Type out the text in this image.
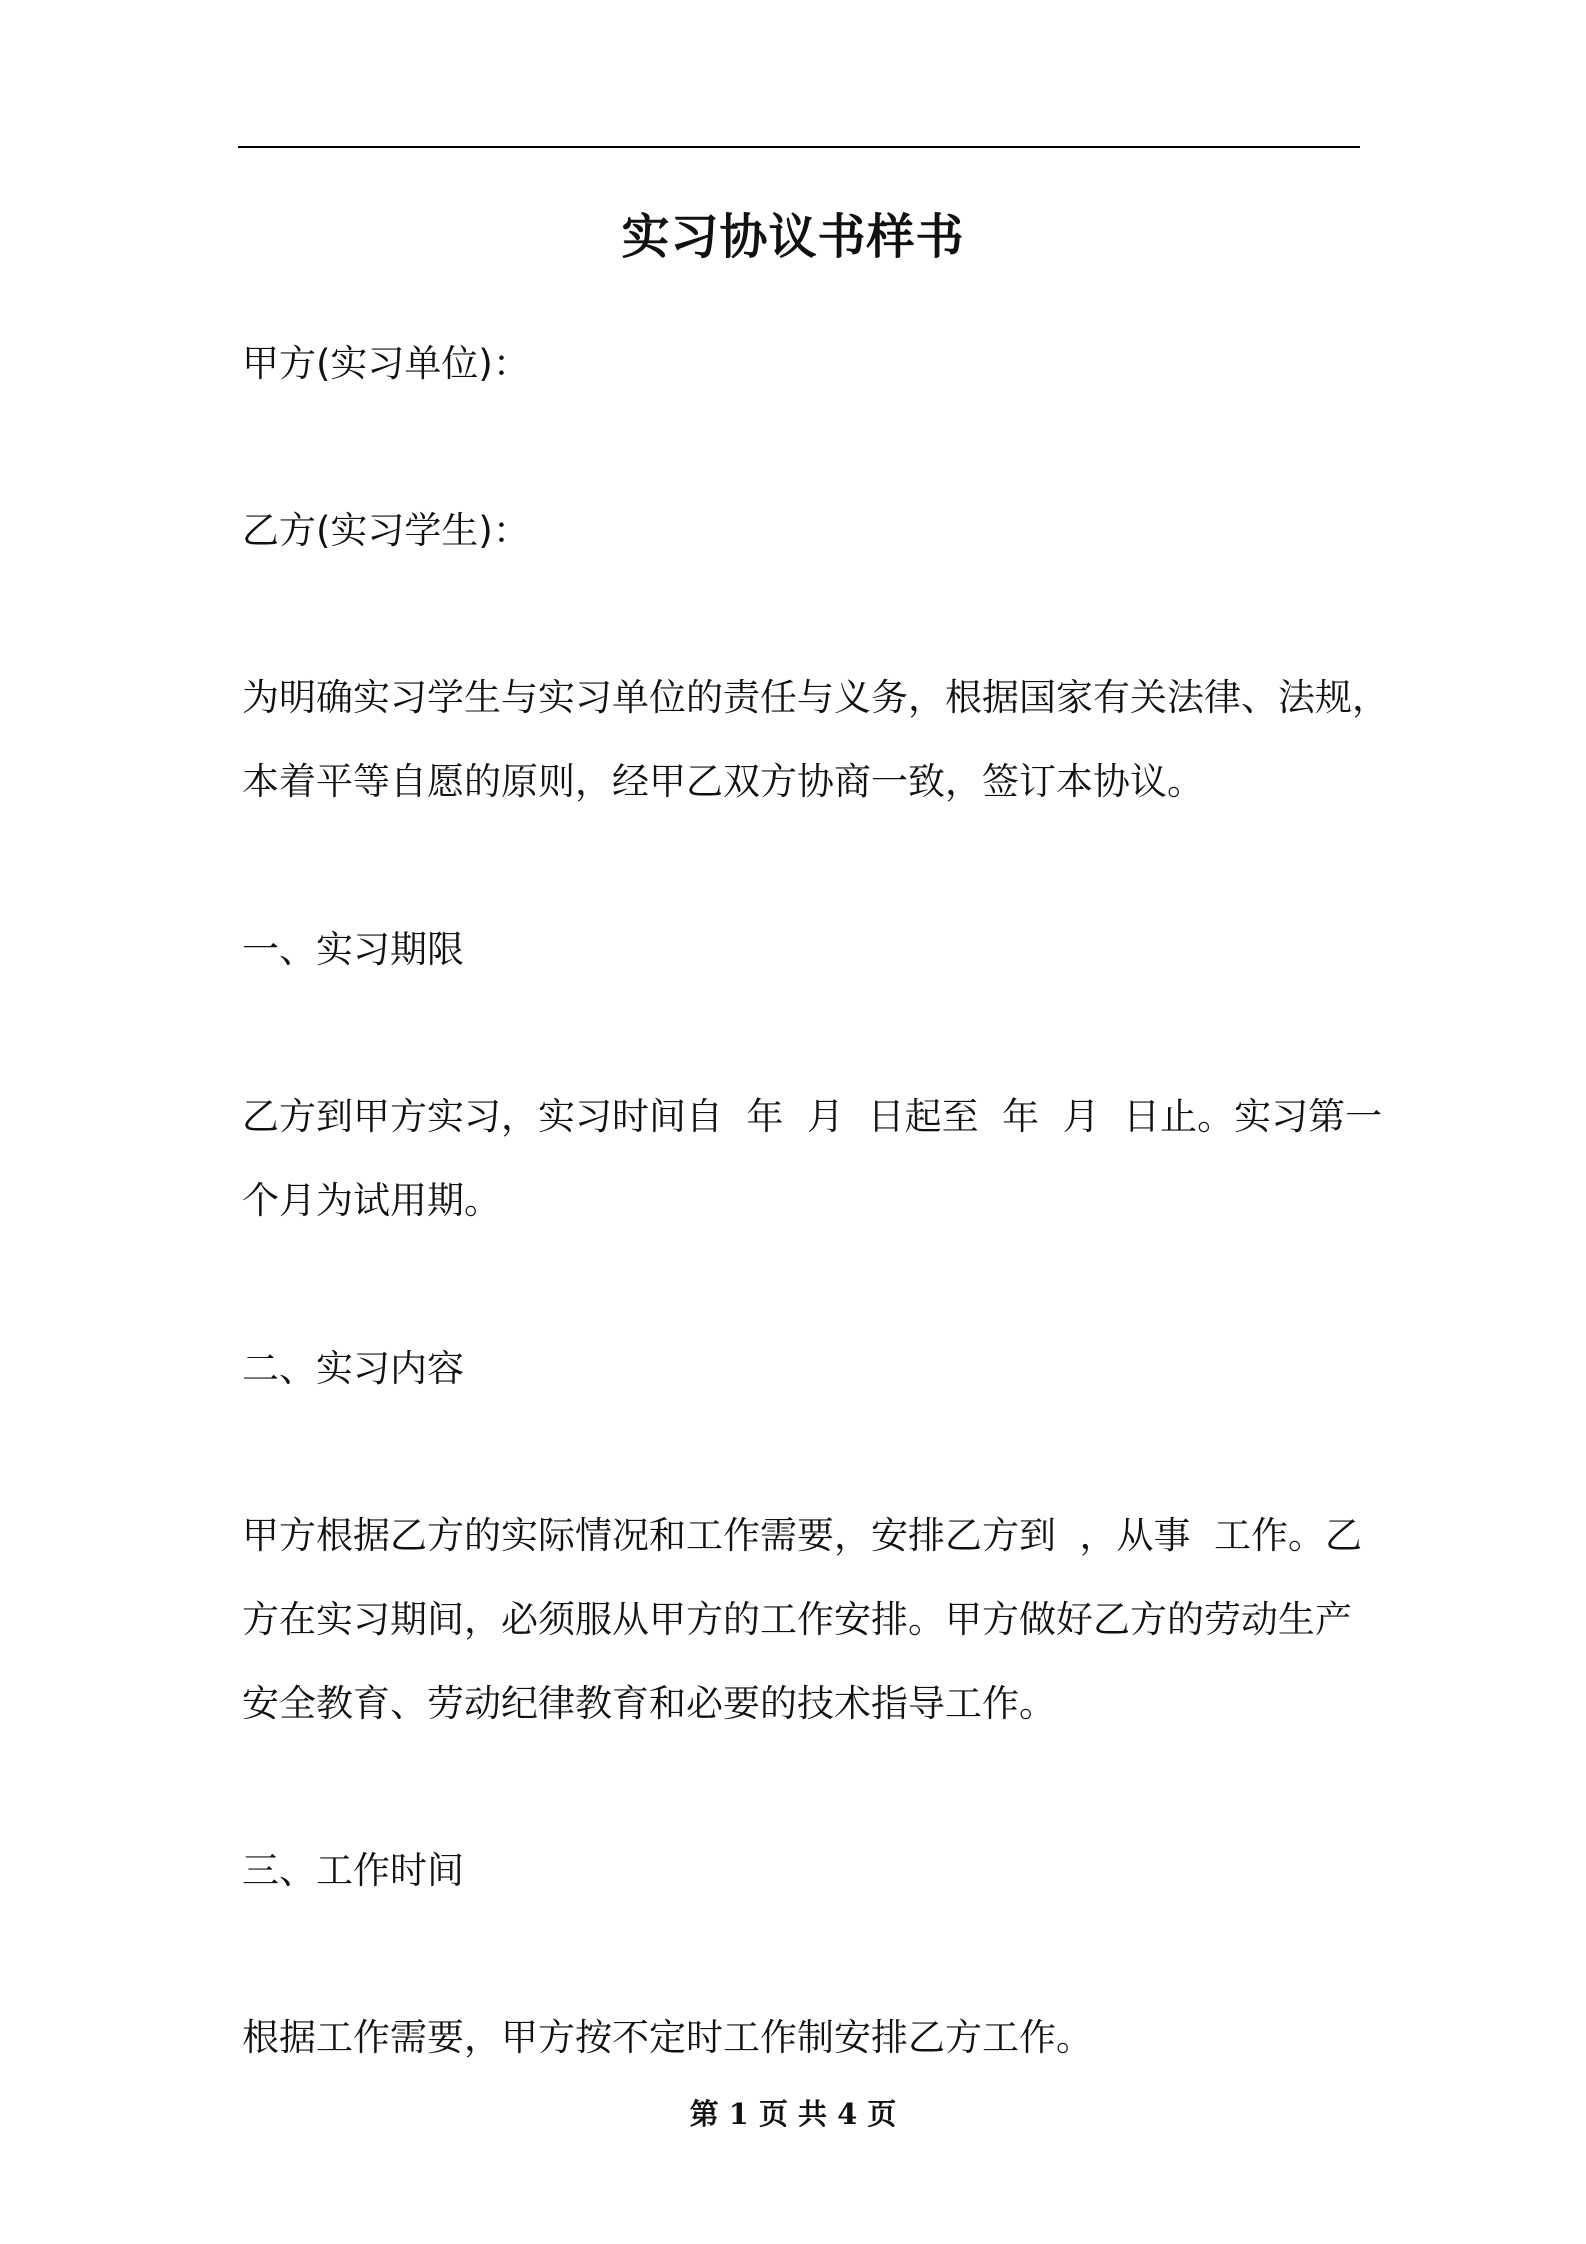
实习协议书样书
甲方(实习单位)：
乙方(实习学生)：
为明确实习学生与实习单位的责任与义务，根据国家有关法律、法规，
本着平等自愿的原则，经甲乙双方协商一致，签订本协议。
一、实习期限
乙方到甲方实习，实习时间自  年  月  日起至  年  月  日止。实习第一
个月为试用期。
二、实习内容
甲方根据乙方的实际情况和工作需要，安排乙方到  ，从事  工作。乙
方在实习期间，必须服从甲方的工作安排。甲方做好乙方的劳动生产
安全教育、劳动纪律教育和必要的技术指导工作。
三、工作时间
根据工作需要，甲方按不定时工作制安排乙方工作。
第 1 页 共 4 页
